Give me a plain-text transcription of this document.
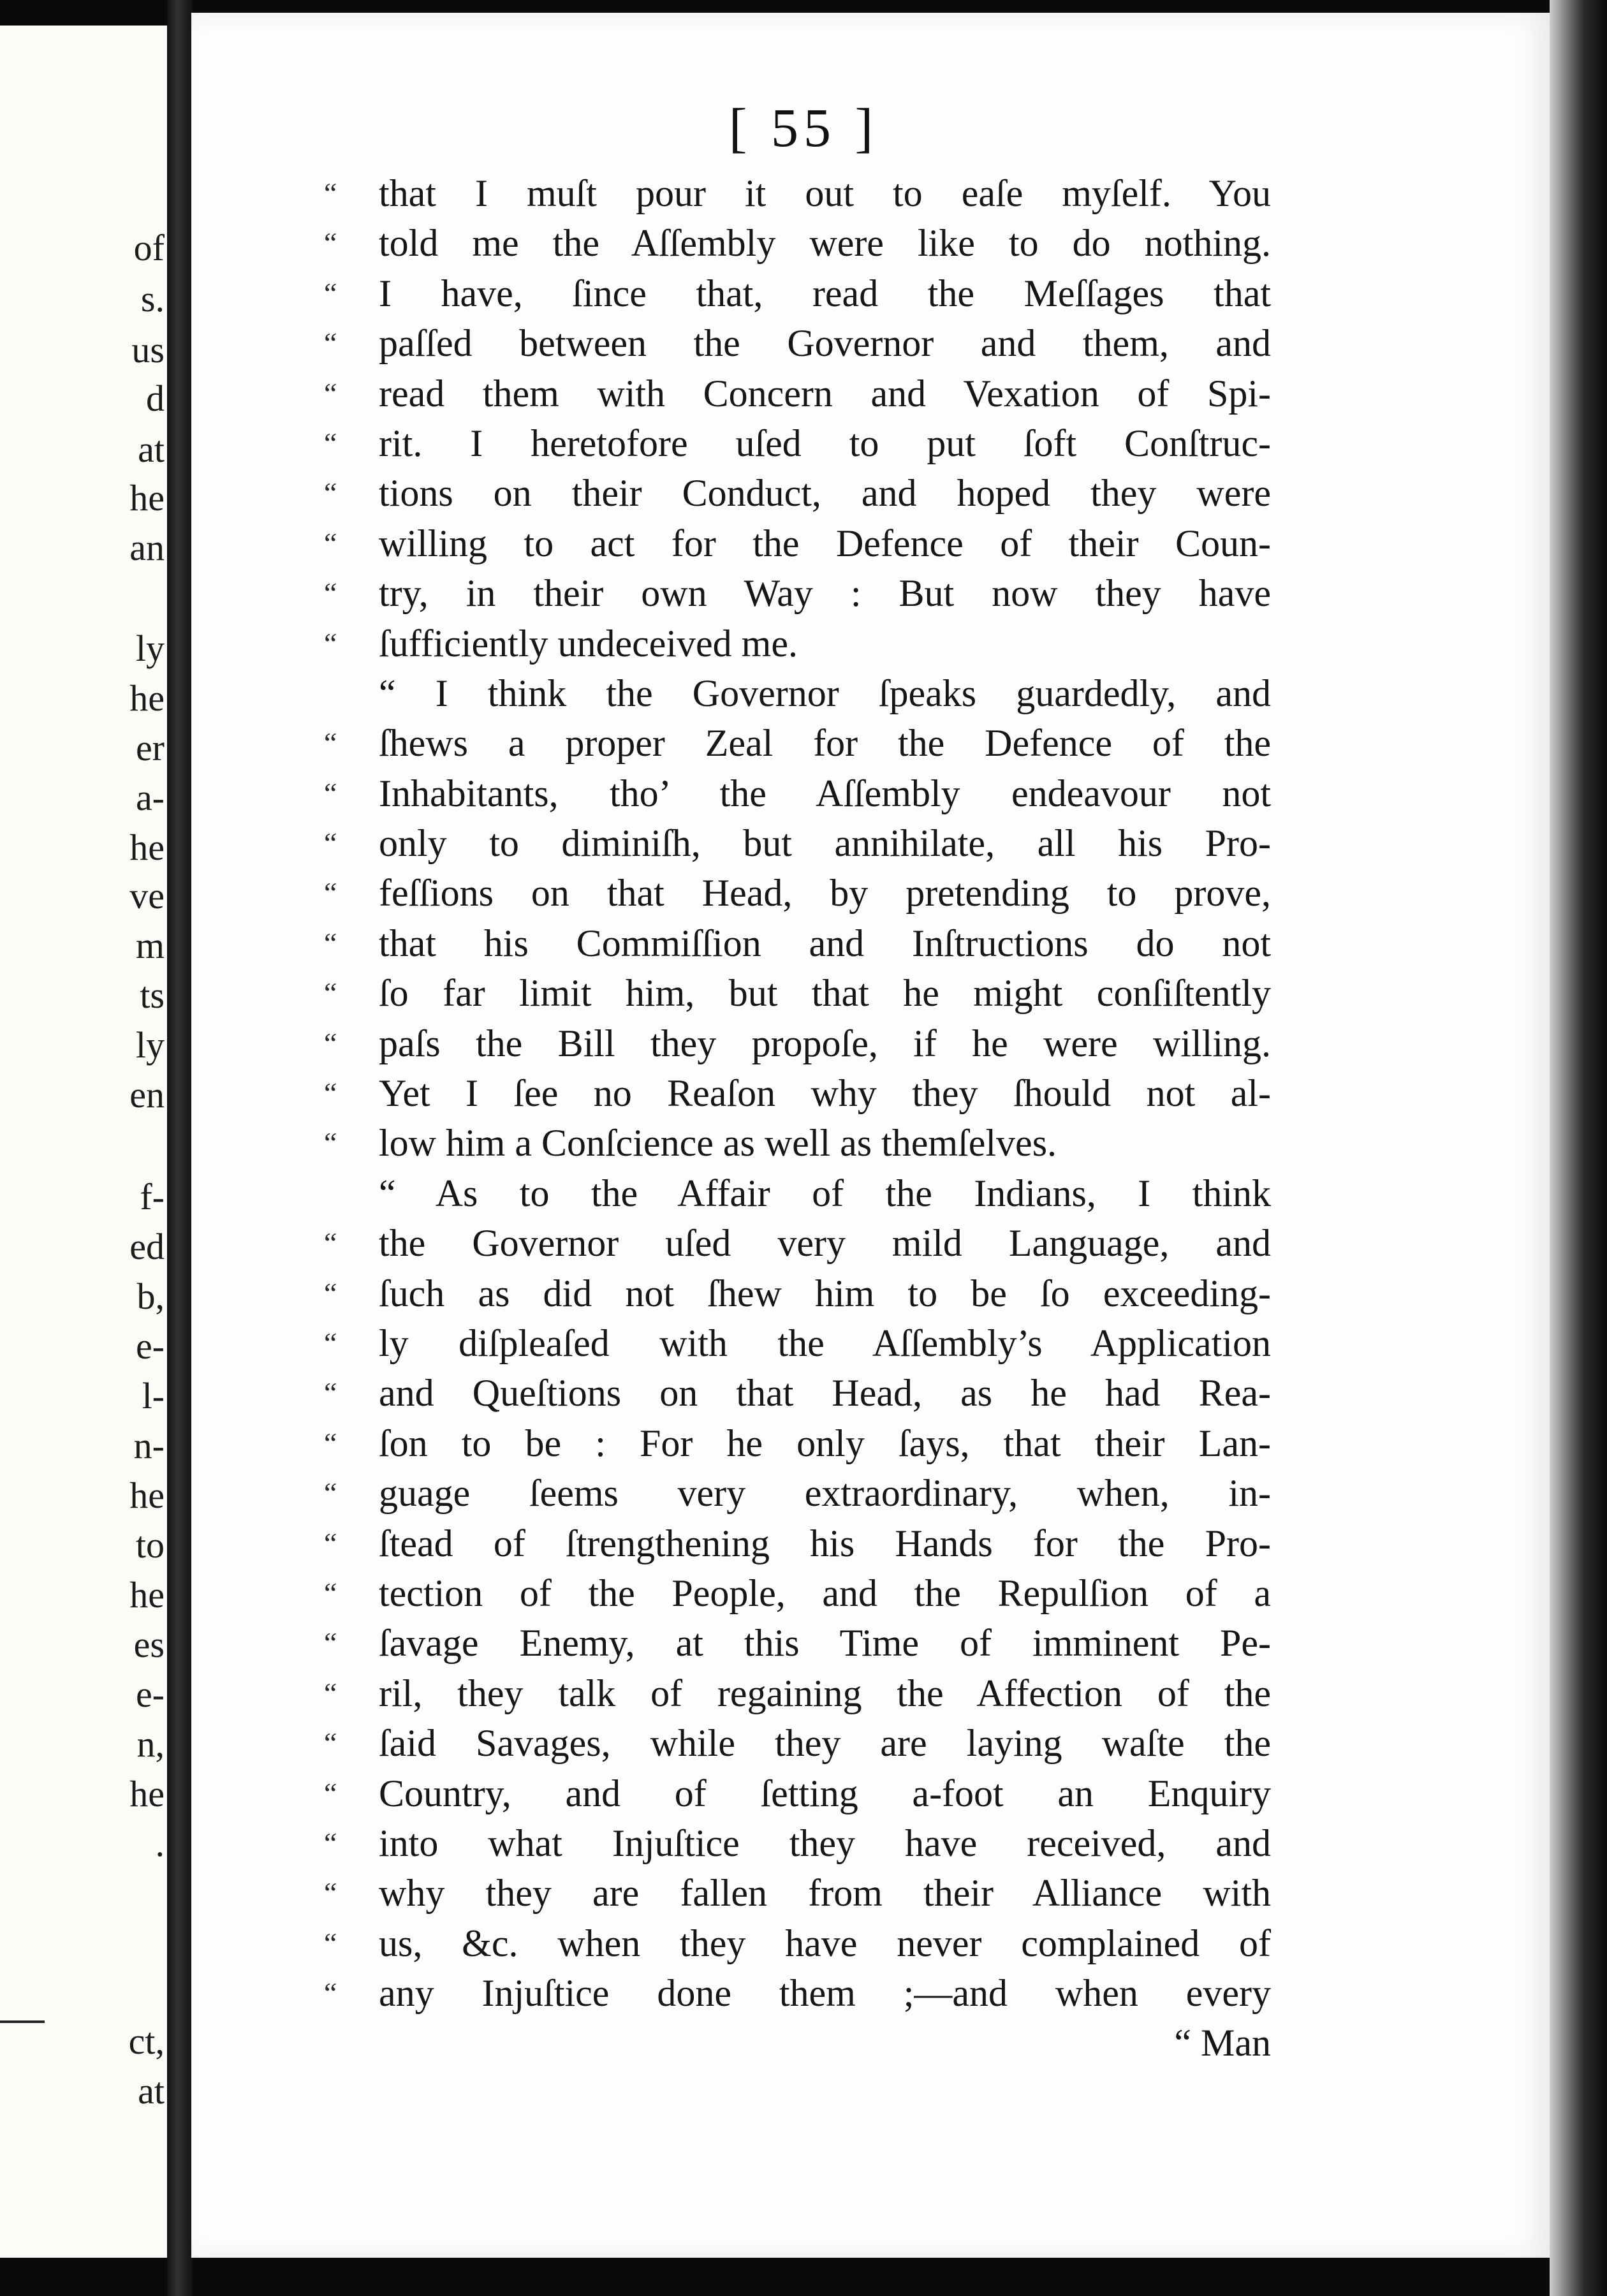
of
s.
us
d
at
he
an
ly
he
er
a-
he
ve
m
ts
ly
en
f-
ed
b,
e-
l-
n-
he
to
he
es
e-
n,
he
.
ct,
at
[ 55 ]
“	that I muſt pour it out to eaſe myſelf. You
“	told me the Aſſembly were like to do nothing.
“	I have, ſince that, read the Meſſages that
“	paſſed between the Governor and them, and
“	read them with Concern and Vexation of Spi-
“	rit. I heretofore uſed to put ſoft Conſtruc-
“	tions on their Conduct, and hoped they were
“	willing to act for the Defence of their Coun-
“	try, in their own Way : But now they have
“	ſufficiently undeceived me.
“ I think the Governor ſpeaks guardedly, and
“	ſhews a proper Zeal for the Defence of the
“	Inhabitants, tho’ the Aſſembly endeavour not
“	only to diminiſh, but annihilate, all his Pro-
“	feſſions on that Head, by pretending to prove,
“	that his Commiſſion and Inſtructions do not
“	ſo far limit him, but that he might conſiſtently
“	paſs the Bill they propoſe, if he were willing.
“	Yet I ſee no Reaſon why they ſhould not al-
“	low him a Conſcience as well as themſelves.
“ As to the Affair of the Indians, I think
“	the Governor uſed very mild Language, and
“	ſuch as did not ſhew him to be ſo exceeding-
“	ly diſpleaſed with the Aſſembly’s Application
“	and Queſtions on that Head, as he had Rea-
“	ſon to be : For he only ſays, that their Lan-
“	guage ſeems very extraordinary, when, in-
“	ſtead of ſtrengthening his Hands for the Pro-
“	tection of the People, and the Repulſion of a
“	ſavage Enemy, at this Time of imminent Pe-
“	ril, they talk of regaining the Affection of the
“	ſaid Savages, while they are laying waſte the
“	Country, and of ſetting a-foot an Enquiry
“	into what Injuſtice they have received, and
“	why they are fallen from their Alliance with
“	us, &c. when they have never complained of
“	any Injuſtice done them ;—and when every
“ Man
